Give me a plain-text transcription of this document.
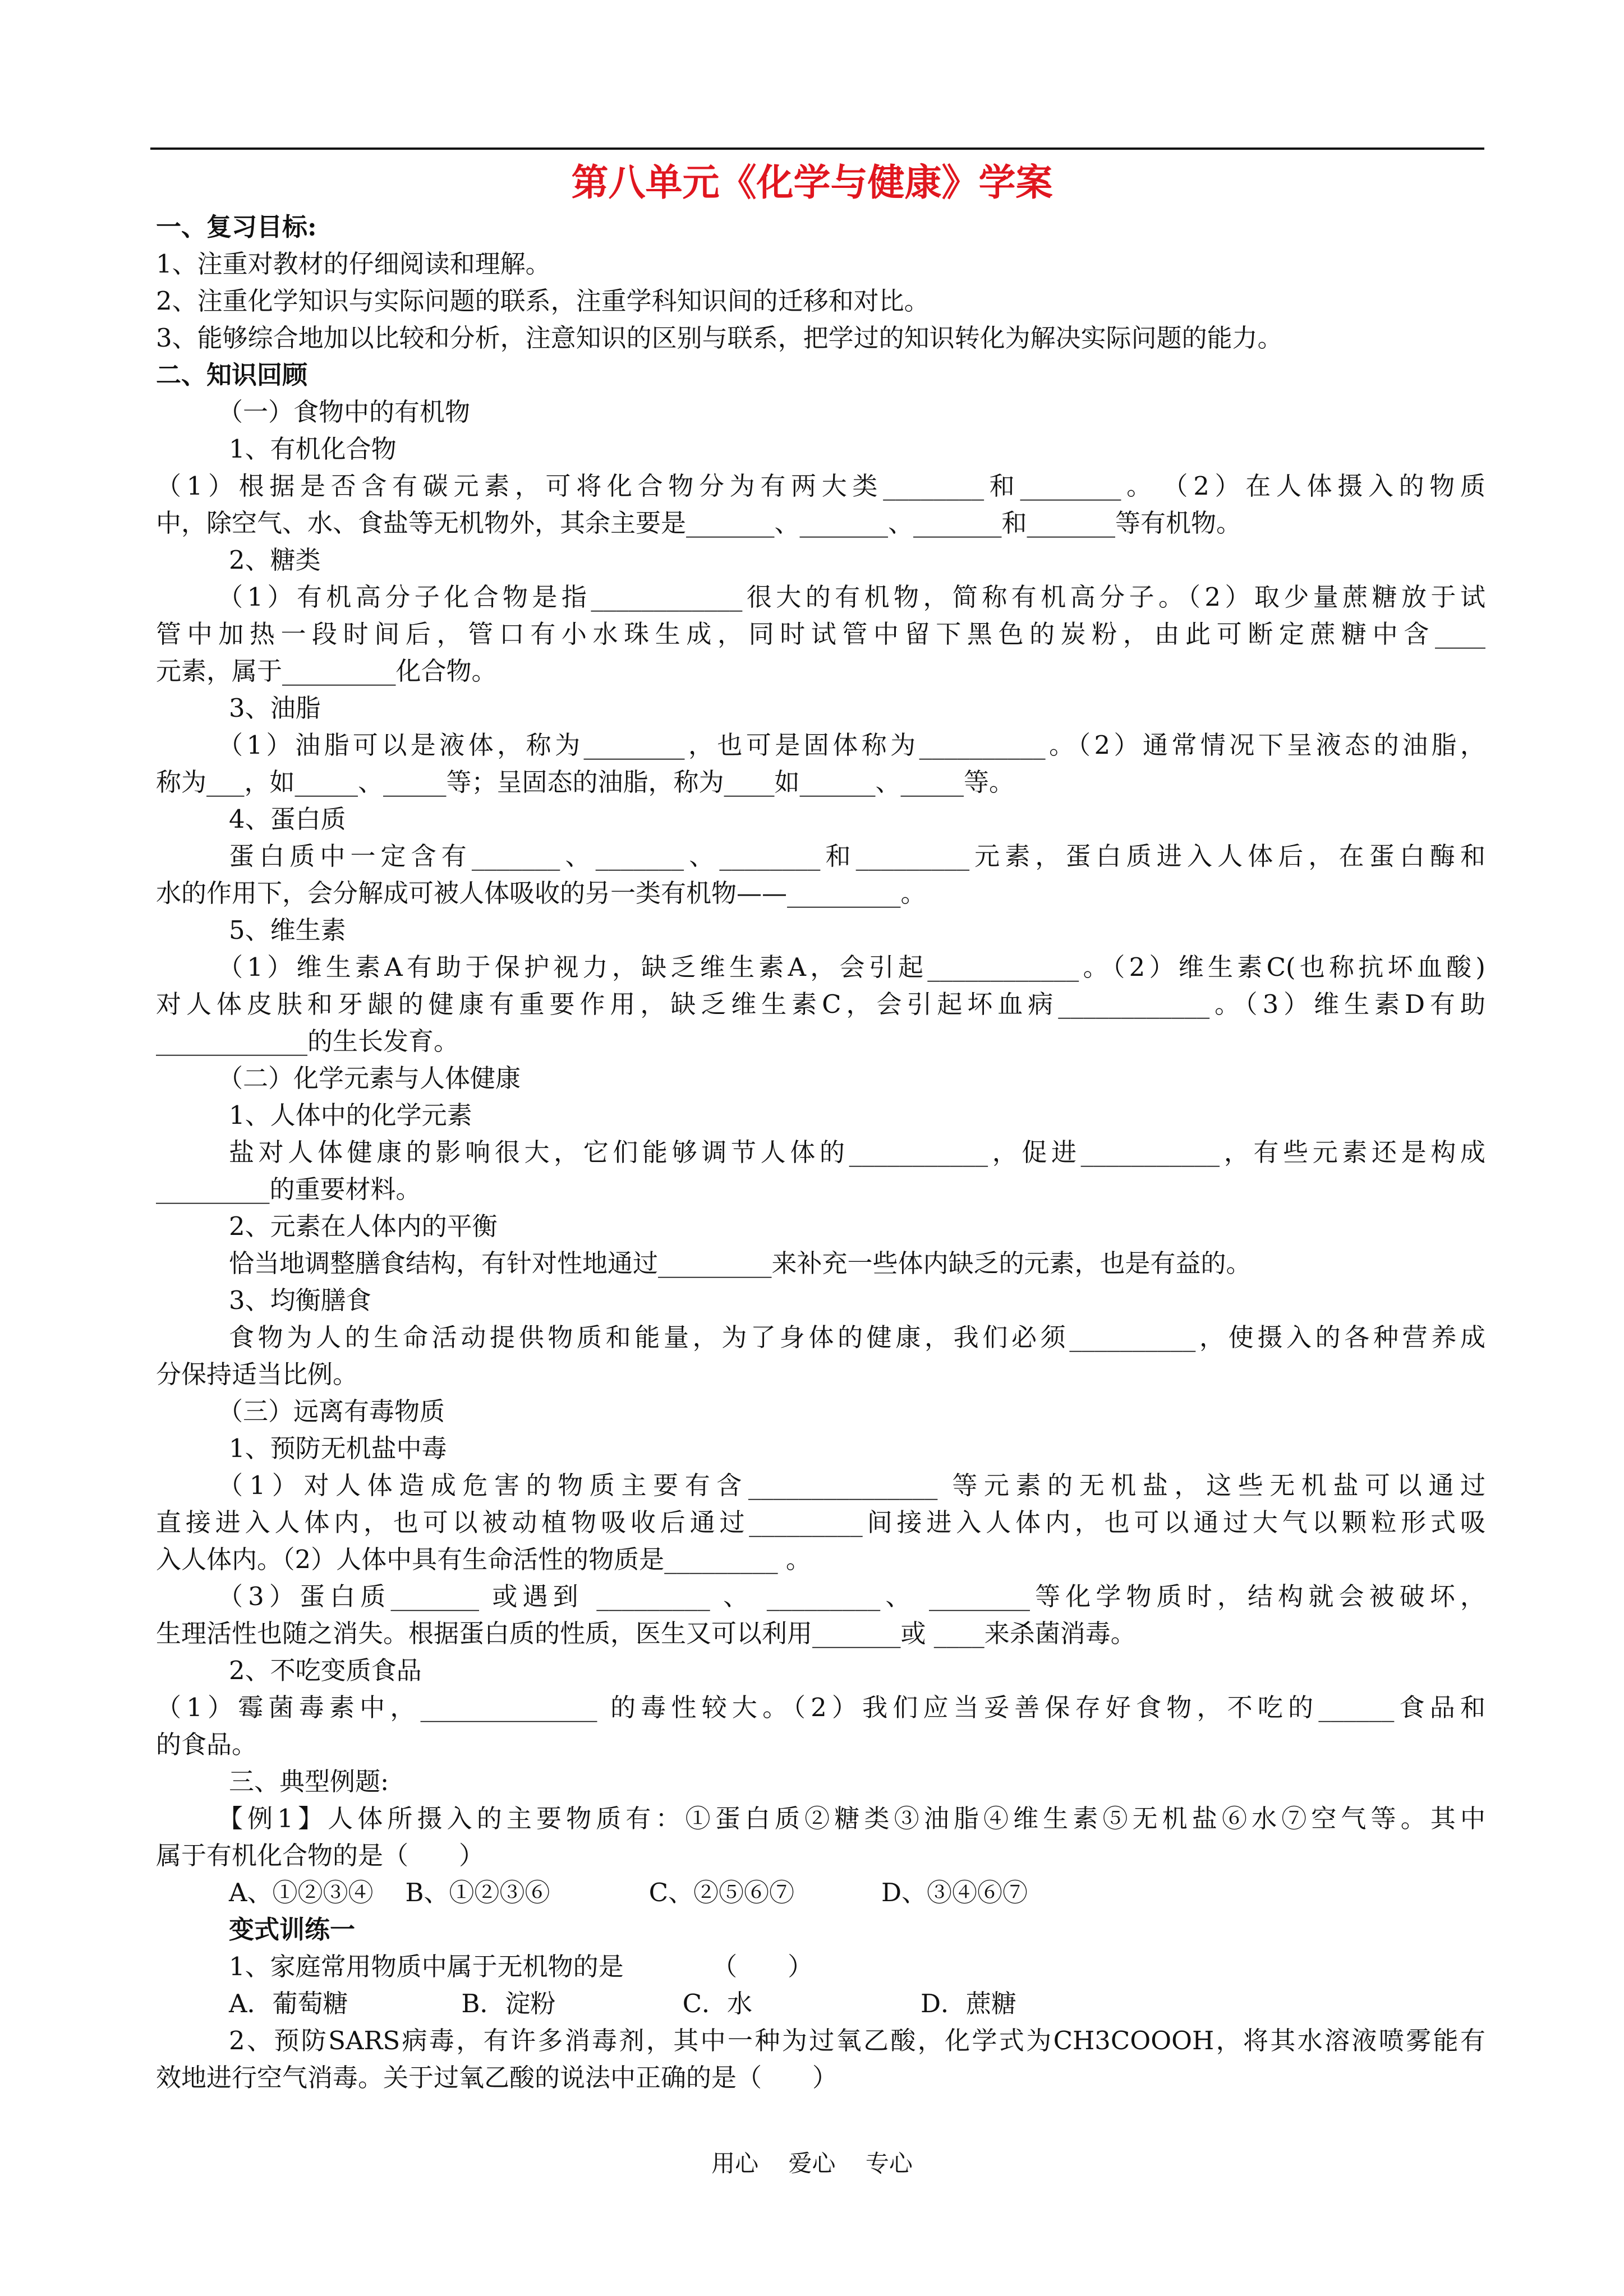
第八单元《化学与健康》学案
一、复习目标:
1、注重对教材的仔细阅读和理解。
2、注重化学知识与实际问题的联系，注重学科知识间的迁移和对比。
3、能够综合地加以比较和分析，注意知识的区别与联系，把学过的知识转化为解决实际问题的能力。
二、知识回顾
（一）食物中的有机物
1、有机化合物
（1）根据是否含有碳元素，可将化合物分为有两大类________和________。　（2）在人体摄入的物质
中，除空气、水、食盐等无机物外，其余主要是_______、_______、_______和_______等有机物。
2、糖类
（1）有机高分子化合物是指____________很大的有机物，简称有机高分子。（2）取少量蔗糖放于试
管中加热一段时间后，管口有小水珠生成，同时试管中留下黑色的炭粉，由此可断定蔗糖中含____
元素，属于_________化合物。
3、油脂
（1）油脂可以是液体，称为________，也可是固体称为__________。（2）通常情况下呈液态的油脂，
称为___，如_____、_____等；呈固态的油脂，称为____如______、_____等。
4、蛋白质
蛋白质中一定含有_______、_______、________和_________元素，蛋白质进入人体后，在蛋白酶和
水的作用下，会分解成可被人体吸收的另一类有机物——_________。
5、维生素
（1）维生素A有助于保护视力，缺乏维生素A，会引起____________。（2）维生素C(也称抗坏血酸)
对人体皮肤和牙龈的健康有重要作用，缺乏维生素C，会引起坏血病____________。（3）维生素D有助
____________的生长发育。
（二）化学元素与人体健康
1、人体中的化学元素
盐对人体健康的影响很大，它们能够调节人体的___________，促进___________，有些元素还是构成
_________的重要材料。
2、元素在人体内的平衡
恰当地调整膳食结构，有针对性地通过_________来补充一些体内缺乏的元素，也是有益的。
3、均衡膳食
食物为人的生命活动提供物质和能量，为了身体的健康，我们必须__________，使摄入的各种营养成
分保持适当比例。
（三）远离有毒物质
1、预防无机盐中毒
（1）对人体造成危害的物质主要有含_______________ 等元素的无机盐，这些无机盐可以通过
直接进入人体内，也可以被动植物吸收后通过_________间接进入人体内，也可以通过大气以颗粒形式吸
入人体内。（2）人体中具有生命活性的物质是_________ 。
（3）蛋白质_______ 或遇到 _________ 、 _________、 ________等化学物质时，结构就会被破坏，
生理活性也随之消失。根据蛋白质的性质，医生又可以利用_______或 ____来杀菌消毒。
2、不吃变质食品
（1）霉菌毒素中，______________ 的毒性较大。（2）我们应当妥善保存好食物，不吃的______食品和
的食品。
三、典型例题:
【例1】人体所摄入的主要物质有：①蛋白质②糖类③油脂④维生素⑤无机盐⑥水⑦空气等。其中
属于有机化合物的是（　　）
A、①②③④ B、①②③⑥	C、②⑤⑥⑦	D、③④⑥⑦
变式训练一
1、家庭常用物质中属于无机物的是　　　　（　　）
A．葡萄糖	B．淀粉	C．水	D．蔗糖
2、预防SARS病毒，有许多消毒剂，其中一种为过氧乙酸，化学式为CH3COOOH，将其水溶液喷雾能有
效地进行空气消毒。关于过氧乙酸的说法中正确的是（　　）
用心 爱心 专心
